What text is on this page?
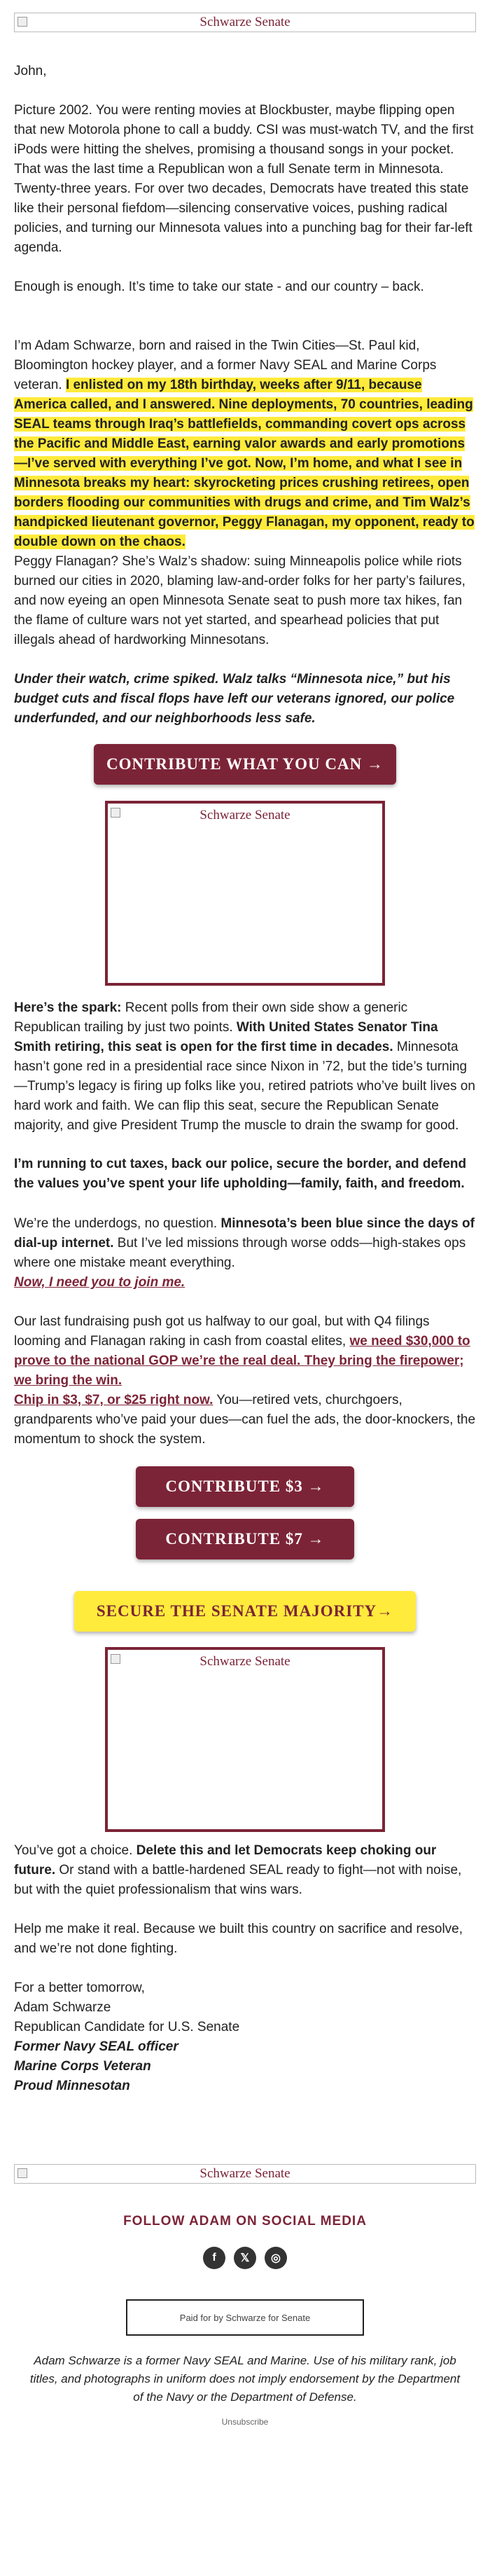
Schwarze Senate

John,

Picture 2002. You were renting movies at Blockbuster, maybe flipping open that new Motorola phone to call a buddy. CSI was must-watch TV, and the first iPods were hitting the shelves, promising a thousand songs in your pocket. That was the last time a Republican won a full Senate term in Minnesota. Twenty-three years. For over two decades, Democrats have treated this state like their personal fiefdom—silencing conservative voices, pushing radical policies, and turning our Minnesota values into a punching bag for their far-left agenda.

Enough is enough. It’s time to take our state - and our country – back.

I’m Adam Schwarze, born and raised in the Twin Cities—St. Paul kid, Bloomington hockey player, and a former Navy SEAL and Marine Corps veteran. I enlisted on my 18th birthday, weeks after 9/11, because America called, and I answered. Nine deployments, 70 countries, leading SEAL teams through Iraq’s battlefields, commanding covert ops across the Pacific and Middle East, earning valor awards and early promotions—I’ve served with everything I’ve got. Now, I’m home, and what I see in Minnesota breaks my heart: skyrocketing prices crushing retirees, open borders flooding our communities with drugs and crime, and Tim Walz’s handpicked lieutenant governor, Peggy Flanagan, my opponent, ready to double down on the chaos.

Peggy Flanagan? She’s Walz’s shadow: suing Minneapolis police while riots burned our cities in 2020, blaming law-and-order folks for her party’s failures, and now eyeing an open Minnesota Senate seat to push more tax hikes, fan the flame of culture wars not yet started, and spearhead policies that put illegals ahead of hardworking Minnesotans.

Under their watch, crime spiked. Walz talks “Minnesota nice,” but his budget cuts and fiscal flops have left our veterans ignored, our police underfunded, and our neighborhoods less safe.

CONTRIBUTE WHAT YOU CAN →
Schwarze Senate

Here’s the spark: Recent polls from their own side show a generic Republican trailing by just two points. With United States Senator Tina Smith retiring, this seat is open for the first time in decades. Minnesota hasn’t gone red in a presidential race since Nixon in ’72, but the tide’s turning—Trump’s legacy is firing up folks like you, retired patriots who’ve built lives on hard work and faith. We can flip this seat, secure the Republican Senate majority, and give President Trump the muscle to drain the swamp for good.

I’m running to cut taxes, back our police, secure the border, and defend the values you’ve spent your life upholding—family, faith, and freedom.

We’re the underdogs, no question. Minnesota’s been blue since the days of dial-up internet. But I’ve led missions through worse odds—high-stakes ops where one mistake meant everything.

Now, I need you to join me.

Our last fundraising push got us halfway to our goal, but with Q4 filings looming and Flanagan raking in cash from coastal elites, we need $30,000 to prove to the national GOP we’re the real deal. They bring the firepower; we bring the win.

Chip in $3, $7, or $25 right now. You—retired vets, churchgoers, grandparents who’ve paid your dues—can fuel the ads, the door-knockers, the momentum to shock the system.

CONTRIBUTE $3 →
CONTRIBUTE $7 →
SECURE THE SENATE MAJORITY→
Schwarze Senate

You’ve got a choice. Delete this and let Democrats keep choking our future. Or stand with a battle-hardened SEAL ready to fight—not with noise, but with the quiet professionalism that wins wars.

Help me make it real. Because we built this country on sacrifice and resolve, and we’re not done fighting.

For a better tomorrow,

Adam Schwarze

Republican Candidate for U.S. Senate

Former Navy SEAL officer

Marine Corps Veteran

Proud Minnesotan

Schwarze Senate
FOLLOW ADAM ON SOCIAL MEDIA
f	𝕏	◎
Paid for by Schwarze for Senate
Adam Schwarze is a former Navy SEAL and Marine. Use of his military rank, job titles, and photographs in uniform does not imply endorsement by the Department of the Navy or the Department of Defense.
Unsubscribe
